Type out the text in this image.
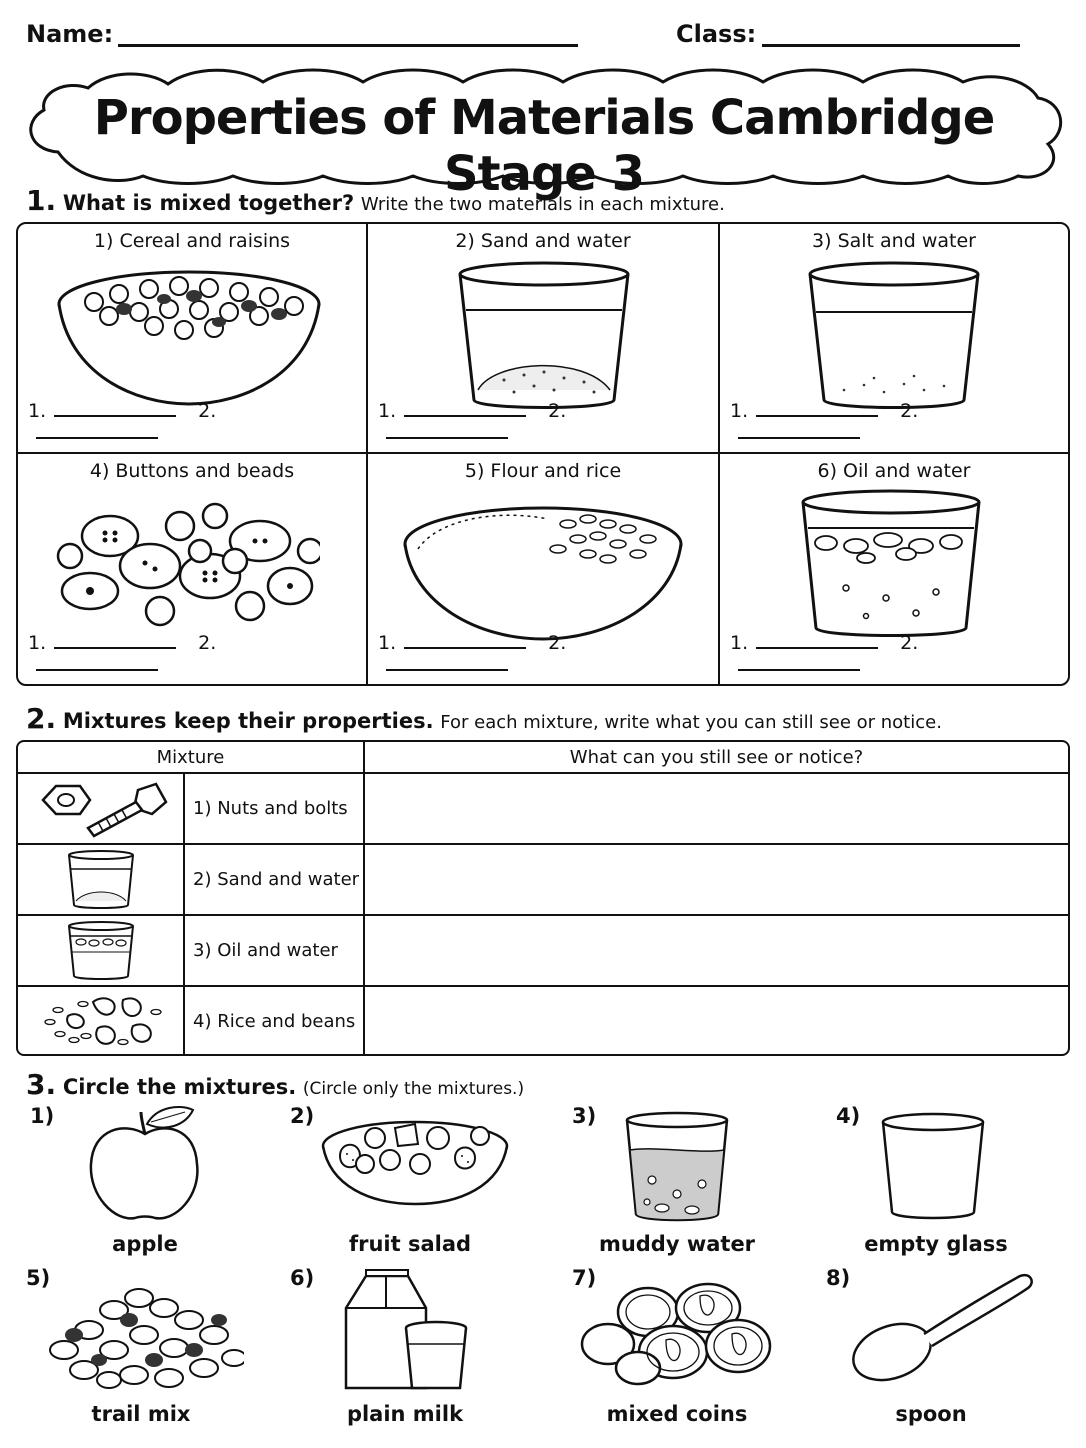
Name:	Class:
Properties of Materials Cambridge Stage 3
1. What is mixed together? Write the two materials in each mixture.
1) Cereal and raisins
1.	2.
2) Sand and water
1.	2.
3) Salt and water
1.	2.
4) Buttons and beads
1.	2.
5) Flour and rice
1.	2.
6) Oil and water
1.	2.
2. Mixtures keep their properties. For each mixture, write what you can still see or notice.
Mixture	What can you still see or notice?
1) Nuts and bolts
2) Sand and water
3) Oil and water
4) Rice and beans
3. Circle the mixtures. (Circle only the mixtures.)
1)
apple
2)
fruit salad
3)
muddy water
4)
empty glass
5)
trail mix
6)
plain milk
7)
mixed coins
8)
spoon
